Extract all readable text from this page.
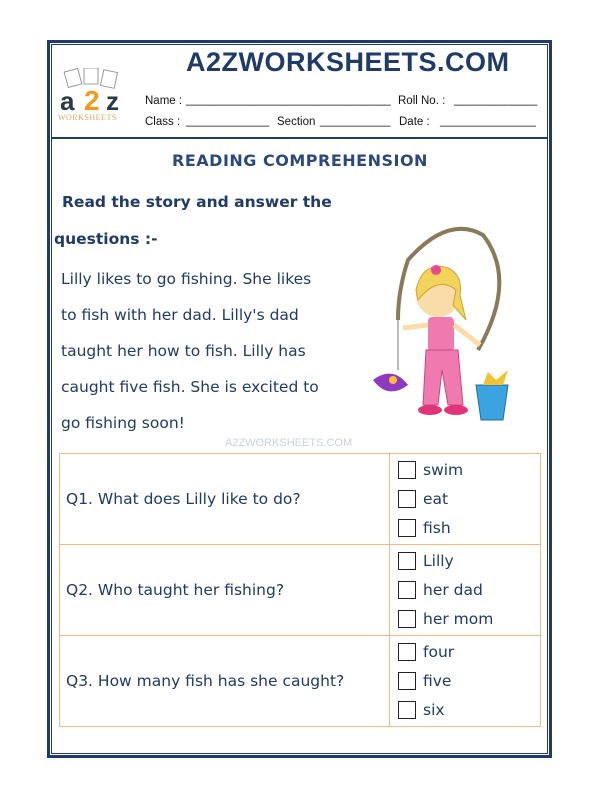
a 2 z
WORKSHEETS
A2ZWORKSHEETS.COM
Name : ________________________________ Roll No. : _____________
Class : _____________ Section ___________ Date : _______________
READING COMPREHENSION
Read the story and answer the
questions :-
Lilly likes to go fishing. She likes
to fish with her dad. Lilly's dad
taught her how to fish. Lilly has
caught five fish. She is excited to
go fishing soon!
A2ZWORKSHEETS.COM
Q1. What does Lilly like to do?	swim
eat
fish

Q2. Who taught her fishing?	Lilly
her dad
her mom

Q3. How many fish has she caught?	four
five
six
